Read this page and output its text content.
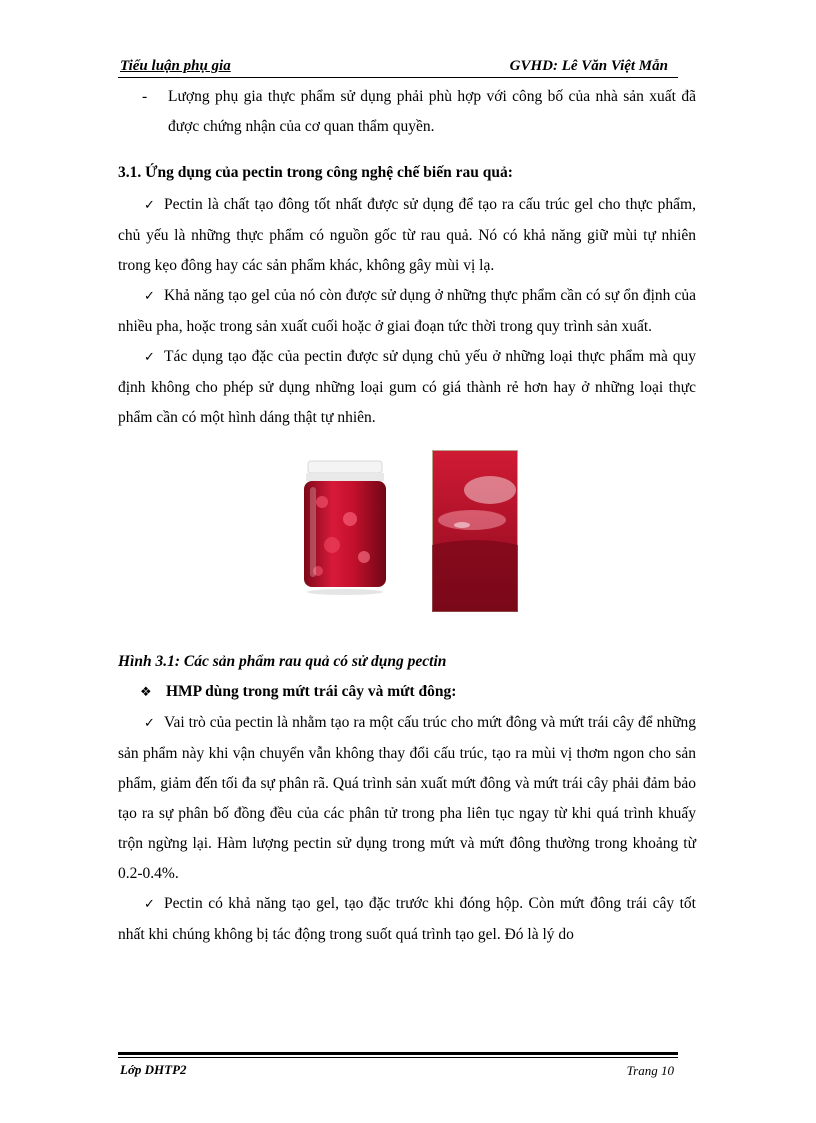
Tiểu luận phụ gia	GVHD: Lê Văn Việt Mẫn

- Lượng phụ gia thực phẩm sử dụng phải phù hợp với công bố của nhà sản xuất đã được chứng nhận của cơ quan thẩm quyền.

3.1. Ứng dụng của pectin trong công nghệ chế biến rau quả:

✓ Pectin là chất tạo đông tốt nhất được sử dụng để tạo ra cấu trúc gel cho thực phẩm, chủ yếu là những thực phẩm có nguồn gốc từ rau quả. Nó có khả năng giữ mùi tự nhiên trong kẹo đông hay các sản phẩm khác, không gây mùi vị lạ.

✓ Khả năng tạo gel của nó còn được sử dụng ở những thực phẩm cần có sự ổn định của nhiều pha, hoặc trong sản xuất cuối hoặc ở giai đoạn tức thời trong quy trình sản xuất.

✓ Tác dụng tạo đặc của pectin được sử dụng chủ yếu ở những loại thực phẩm mà quy định không cho phép sử dụng những loại gum có giá thành rẻ hơn hay ở những loại thực phẩm cần có một hình dáng thật tự nhiên.

Hình 3.1: Các sản phẩm rau quả có sử dụng pectin

❖ HMP dùng trong mứt trái cây và mứt đông:

✓ Vai trò của pectin là nhằm tạo ra một cấu trúc cho mứt đông và mứt trái cây để những sản phẩm này khi vận chuyển vẫn không thay đổi cấu trúc, tạo ra mùi vị thơm ngon cho sản phẩm, giảm đến tối đa sự phân rã. Quá trình sản xuất mứt đông và mứt trái cây phải đảm bảo tạo ra sự phân bố đồng đều của các phân tử trong pha liên tục ngay từ khi quá trình khuấy trộn ngừng lại. Hàm lượng pectin sử dụng trong mứt và mứt đông thường trong khoảng từ 0.2-0.4%.

✓ Pectin có khả năng tạo gel, tạo đặc trước khi đóng hộp. Còn mứt đông trái cây tốt nhất khi chúng không bị tác động trong suốt quá trình tạo gel. Đó là lý do

Lớp DHTP2	Trang 10
